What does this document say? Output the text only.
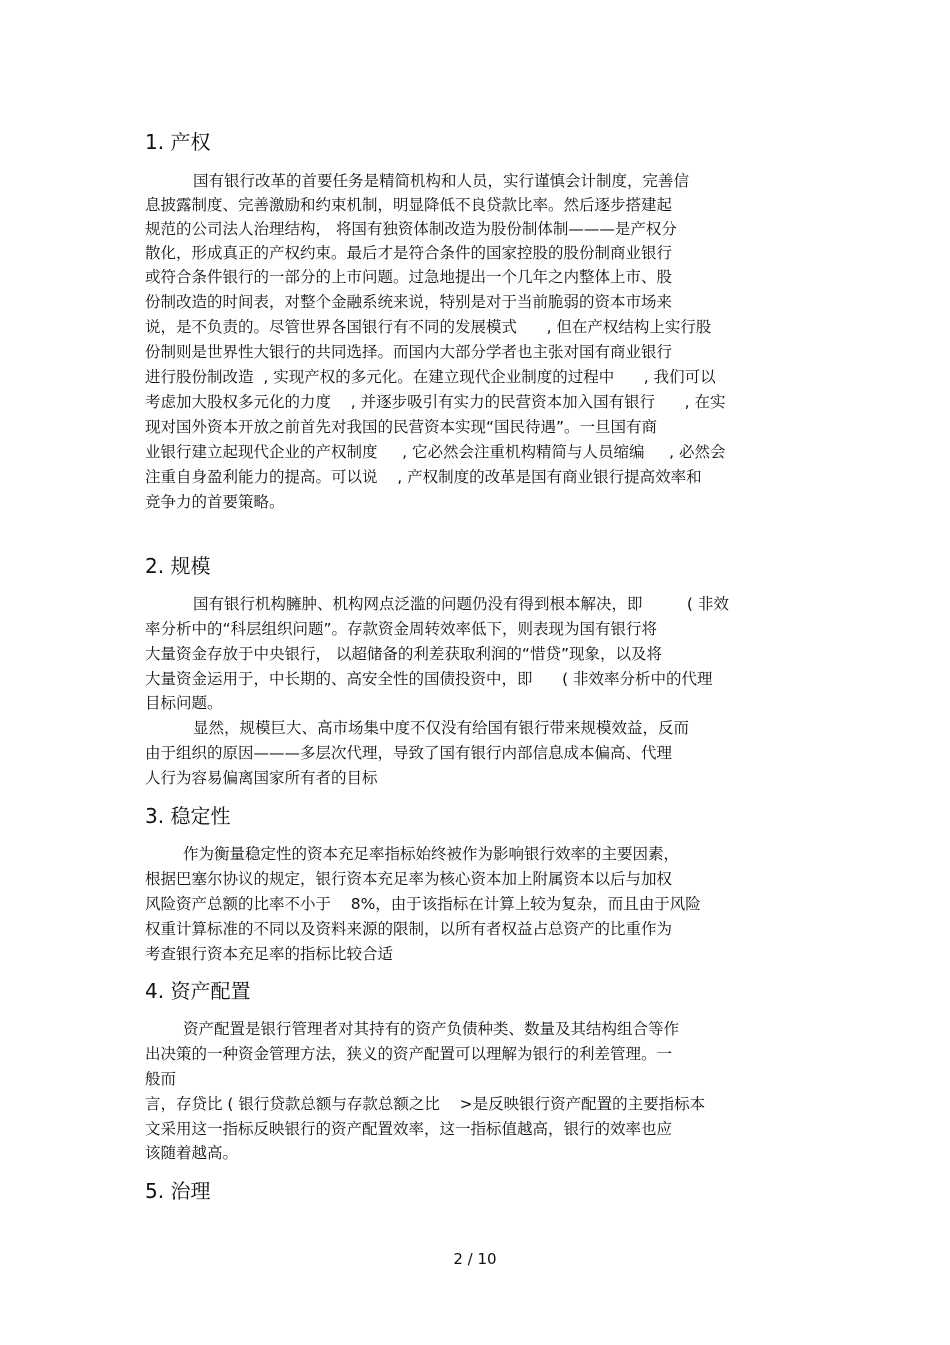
1. 产权

国有银行改革的首要任务是精简机构和人员，实行谨慎会计制度，完善信

息披露制度、完善激励和约束机制，明显降低不良贷款比率。然后逐步搭建起

规范的公司法人治理结构， 将国有独资体制改造为股份制体制———是产权分

散化，形成真正的产权约束。最后才是符合条件的国家控股的股份制商业银行

或符合条件银行的一部分的上市问题。过急地提出一个几年之内整体上市、股

份制改造的时间表，对整个金融系统来说，特别是对于当前脆弱的资本市场来

说，是不负责的。尽管世界各国银行有不同的发展模式      , 但在产权结构上实行股

份制则是世界性大银行的共同选择。而国内大部分学者也主张对国有商业银行

进行股份制改造  , 实现产权的多元化。在建立现代企业制度的过程中      , 我们可以

考虑加大股权多元化的力度    , 并逐步吸引有实力的民营资本加入国有银行      , 在实

现对国外资本开放之前首先对我国的民营资本实现“国民待遇”。一旦国有商

业银行建立起现代企业的产权制度     , 它必然会注重机构精简与人员缩编     , 必然会

注重自身盈利能力的提高。可以说    , 产权制度的改革是国有商业银行提高效率和

竞争力的首要策略。

2. 规模

国有银行机构臃肿、机构网点泛滥的问题仍没有得到根本解决，即         ( 非效

率分析中的“科层组织问题”。存款资金周转效率低下，则表现为国有银行将

大量资金存放于中央银行， 以超储备的利差获取利润的“惜贷”现象，以及将

大量资金运用于，中长期的、高安全性的国债投资中，即      ( 非效率分析中的代理

目标问题。

显然，规模巨大、高市场集中度不仅没有给国有银行带来规模效益，反而

由于组织的原因———多层次代理，导致了国有银行内部信息成本偏高、代理

人行为容易偏离国家所有者的目标

3. 稳定性

作为衡量稳定性的资本充足率指标始终被作为影响银行效率的主要因素，

根据巴塞尔协议的规定，银行资本充足率为核心资本加上附属资本以后与加权

风险资产总额的比率不小于    8%，由于该指标在计算上较为复杂，而且由于风险

权重计算标准的不同以及资料来源的限制，以所有者权益占总资产的比重作为

考查银行资本充足率的指标比较合适

4. 资产配置

资产配置是银行管理者对其持有的资产负债种类、数量及其结构组合等作

出决策的一种资金管理方法，狭义的资产配置可以理解为银行的利差管理。一

般而

言，存贷比 ( 银行贷款总额与存款总额之比    >是反映银行资产配置的主要指标本

文采用这一指标反映银行的资产配置效率，这一指标值越高，银行的效率也应

该随着越高。

5. 治理
2 / 10
